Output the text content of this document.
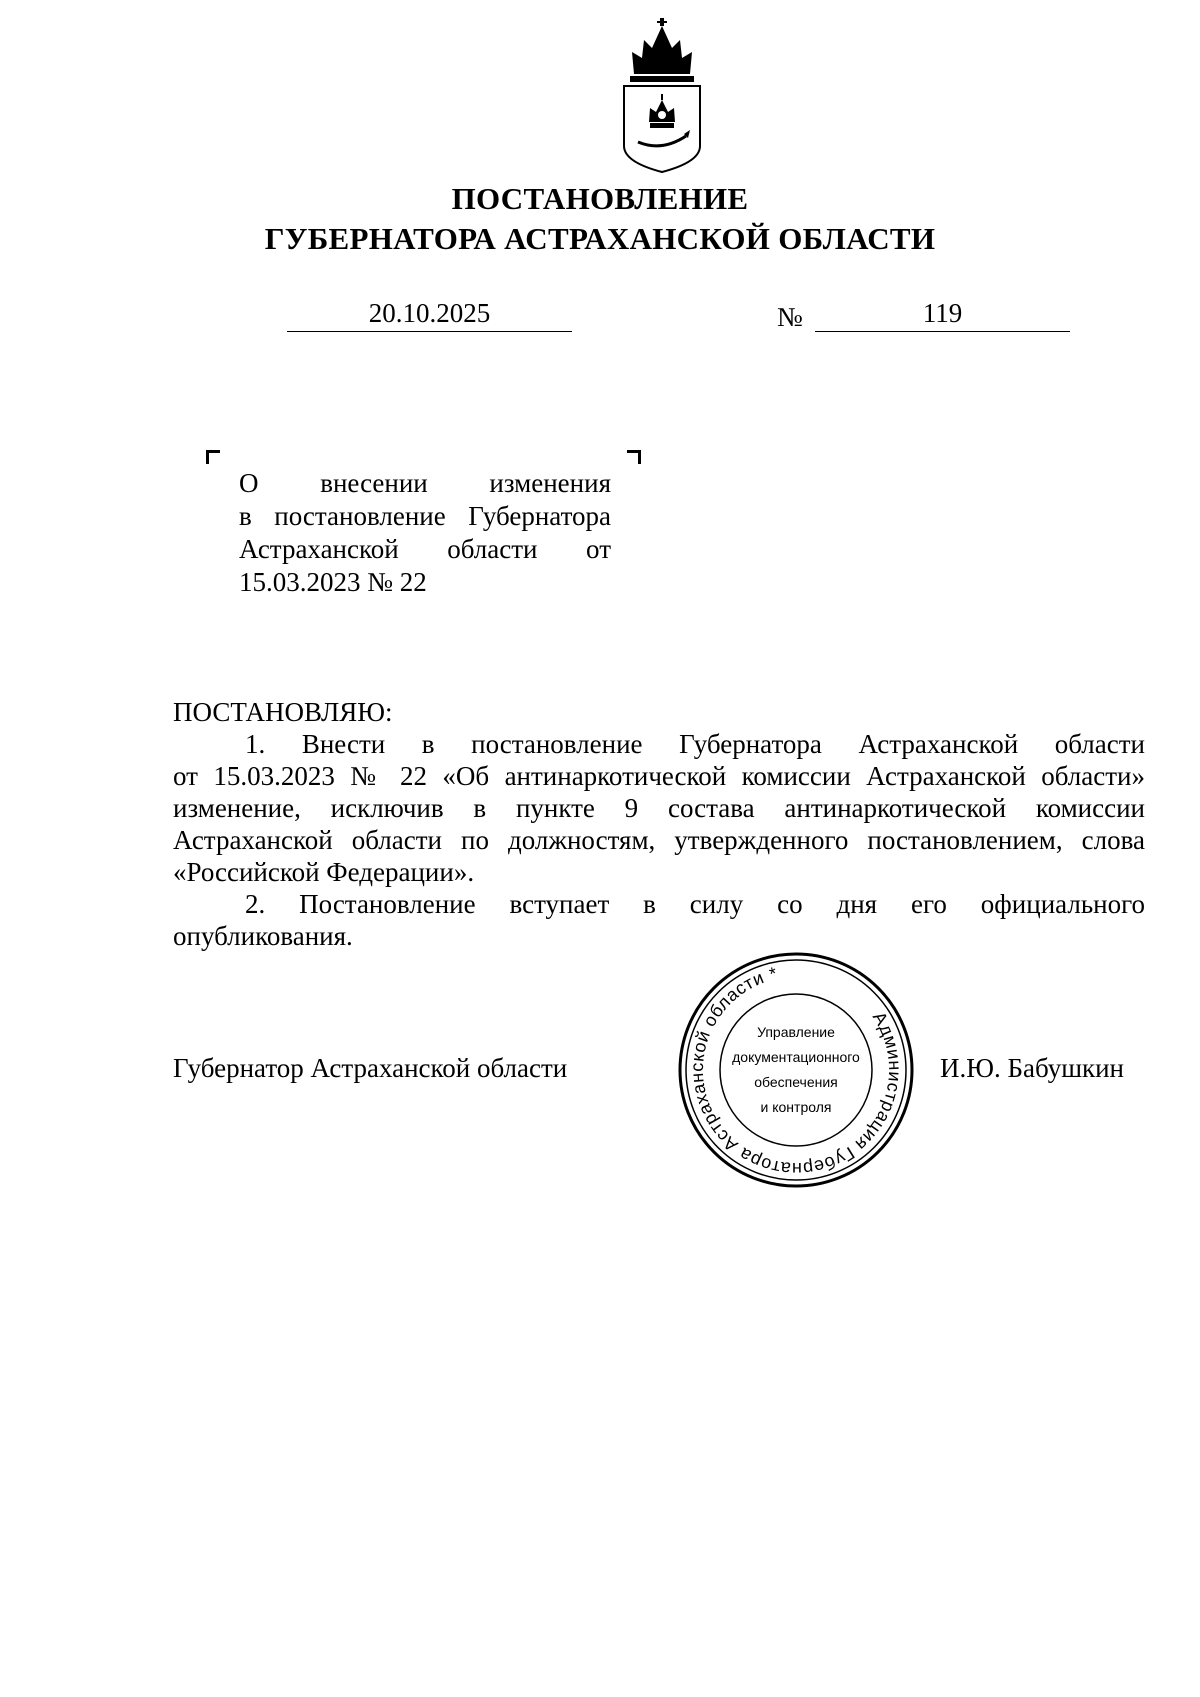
ПОСТАНОВЛЕНИЕ
ГУБЕРНАТОРА АСТРАХАНСКОЙ ОБЛАСТИ
20.10.2025	№	119
О внесении изменения
в постановление Губернатора
Астраханской области от
15.03.2023 № 22
ПОСТАНОВЛЯЮ:
1. Внести в постановление Губернатора Астраханской области
от 15.03.2023 № 22 «Об антинаркотической комиссии Астраханской области»
изменение, исключив в пункте 9 состава антинаркотической комиссии
Астраханской области по должностям, утвержденного постановлением, слова
«Российской Федерации».
2. Постановление вступает в силу со дня его официального
опубликования.
Губернатор Астраханской области	И.Ю. Бабушкин
Администрация Губернатора Астраханской области *
Управление
документационного
обеспечения
и контроля
